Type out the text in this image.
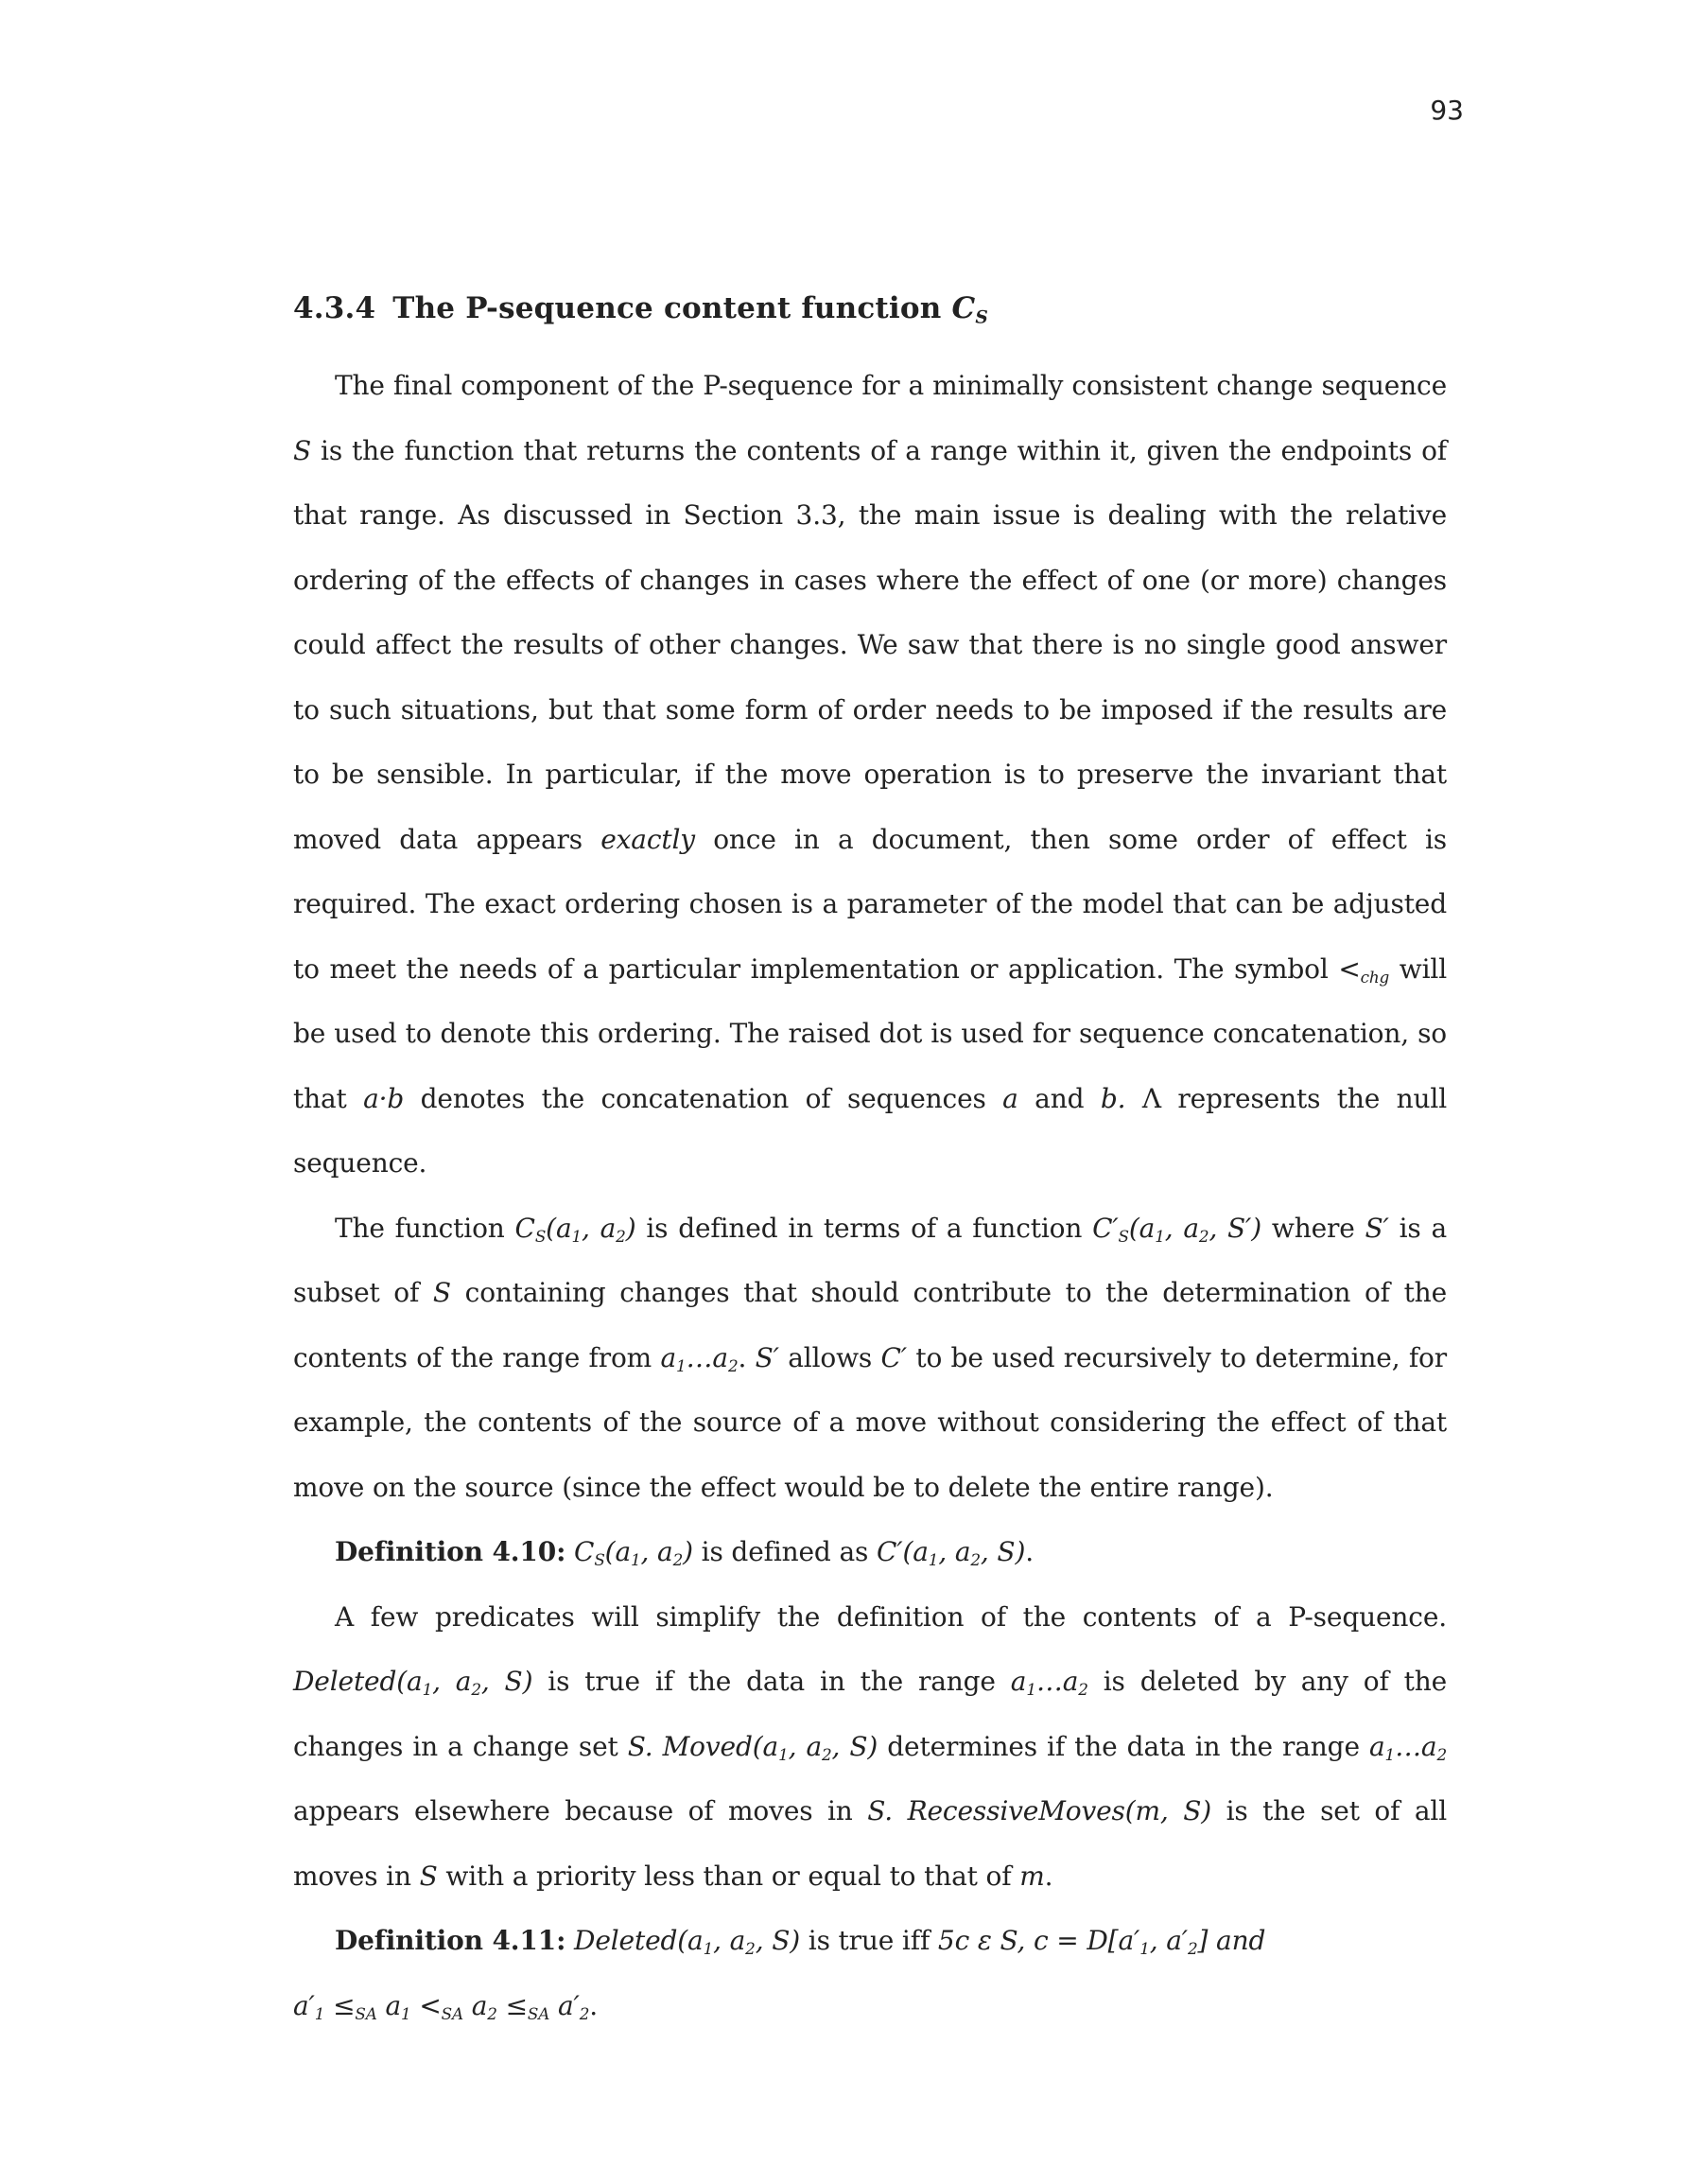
93
4.3.4 The P-sequence content function $C_S$

The final component of the P-sequence for a minimally consistent change sequence S is the function that returns the contents of a range within it, given the endpoints of that range. As discussed in Section 3.3, the main issue is dealing with the relative ordering of the effects of changes in cases where the effect of one (or more) changes could affect the results of other changes. We saw that there is no single good answer to such situations, but that some form of order needs to be imposed if the results are to be sensible. In particular, if the move operation is to preserve the invariant that moved data appears exactly once in a document, then some order of effect is required. The exact ordering chosen is a parameter of the model that can be adjusted to meet the needs of a particular implementation or application. The symbol $<_{chg}$ will be used to denote this ordering. The raised dot is used for sequence concatenation, so that a·b denotes the concatenation of sequences a and b. Λ represents the null sequence.

The function $C_S(a_1$, $a_2$) is defined in terms of a function $C'_S(a_1$, $a_2$, S′) where S′ is a subset of S containing changes that should contribute to the determination of the contents of the range from $a_1\dots a_2$. S′ allows C′ to be used recursively to determine, for example, the contents of the source of a move without considering the effect of that move on the source (since the effect would be to delete the entire range).

Definition 4.10: $C_S(a_1$, $a_2$) is defined as $C'(a_1$, $a_2$, S).

A few predicates will simplify the definition of the contents of a P-sequence. $Deleted(a_1$, $a_2$, S) is true if the data in the range $a_1\dots a_2$ is deleted by any of the changes in a change set S. $Moved(a_1$, $a_2$, S) determines if the data in the range $a_1\dots a_2$ appears elsewhere because of moves in S. RecessiveMoves(m, S) is the set of all moves in S with a priority less than or equal to that of m.

Definition 4.11: $Deleted(a_1$, $a_2$, S) is true iff 5c ε S, $c = D[a'_1$, $a'_2$] and

$a'_1 \le_{SA}$ $a_1 <_{SA}$ $a_2 \le_{SA}$ $a'_2$.
